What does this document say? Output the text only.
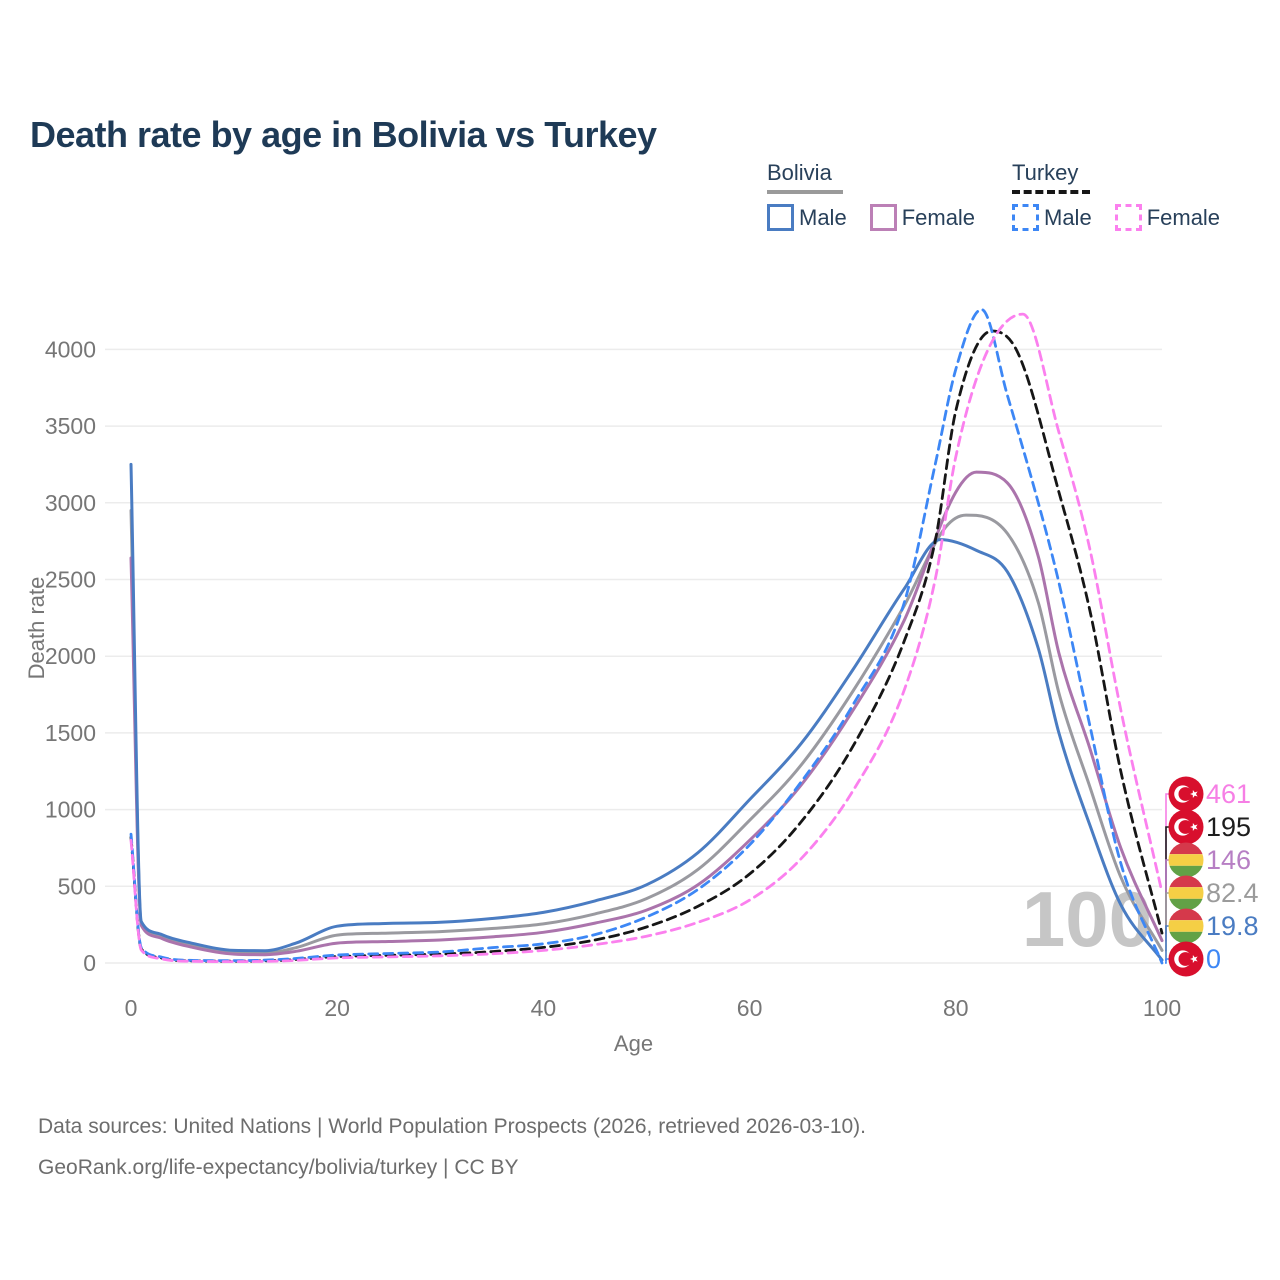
Death rate by age in Bolivia vs Turkey
Bolivia
Male	Female
Turkey
Male	Female
0
500
1000
1500
2000
2500
3000
3500
4000
0	20	40	60	80	100
Age
Death rate
100
461
195
146
82.4
19.8
0
Data sources: United Nations | World Population Prospects (2026, retrieved 2026-03-10).
GeoRank.org/life-expectancy/bolivia/turkey | CC BY
